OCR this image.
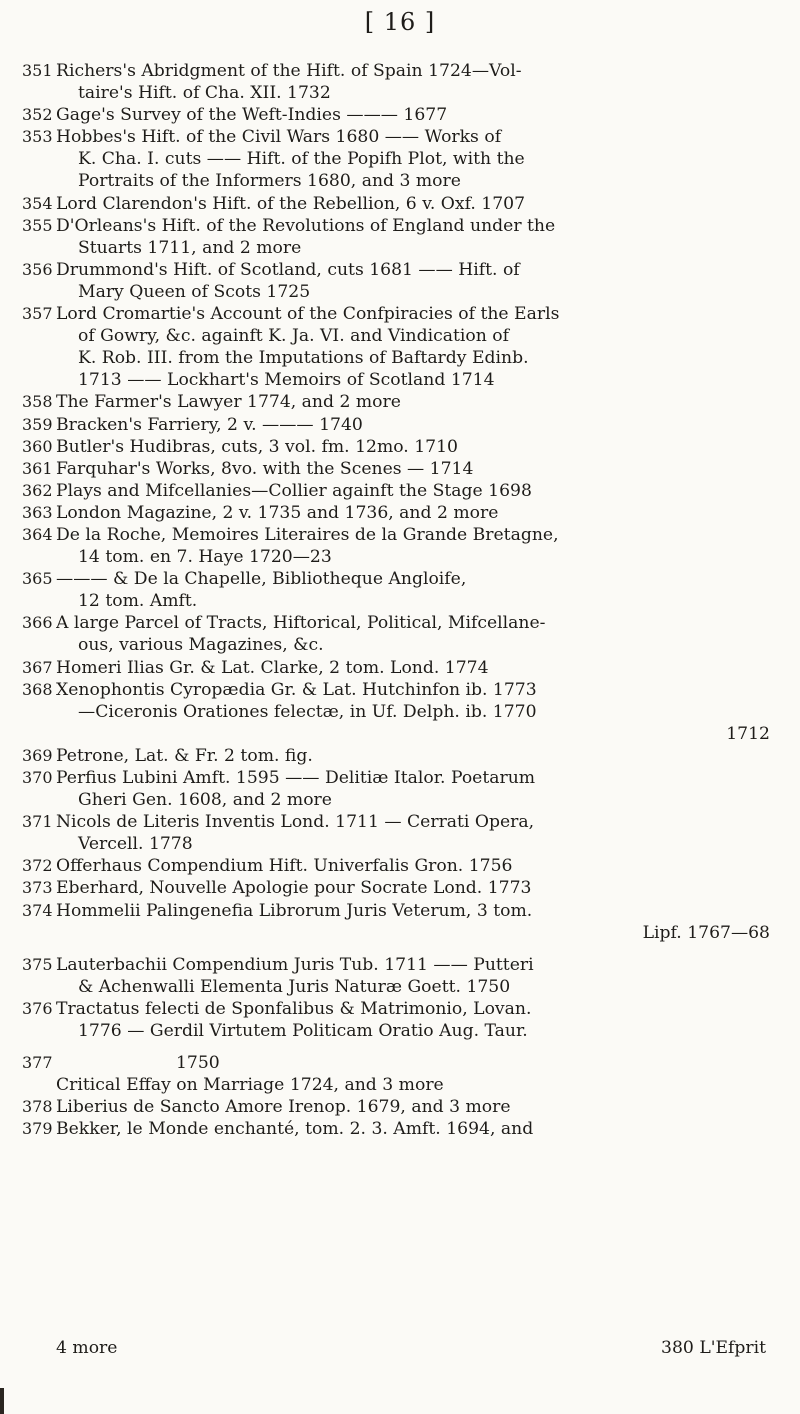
[ 16 ]
351 Richers's Abridgment of the Hift. of Spain 1724—Vol-
taire's Hift. of Cha. XII. 1732
352 Gage's Survey of the Weft-Indies ——— 1677
353 Hobbes's Hift. of the Civil Wars 1680 —— Works of
K. Cha. I. cuts —— Hift. of the Popifh Plot, with the
Portraits of the Informers 1680, and 3 more
354 Lord Clarendon's Hift. of the Rebellion, 6 v. Oxf. 1707
355 D'Orleans's Hift. of the Revolutions of England under the
Stuarts 1711, and 2 more
356 Drummond's Hift. of Scotland, cuts 1681 —— Hift. of
Mary Queen of Scots 1725
357 Lord Cromartie's Account of the Confpiracies of the Earls
of Gowry, &c. againft K. Ja. VI. and Vindication of
K. Rob. III. from the Imputations of Baftardy Edinb.
1713 —— Lockhart's Memoirs of Scotland 1714
358 The Farmer's Lawyer 1774, and 2 more
359 Bracken's Farriery, 2 v. ——— 1740
360 Butler's Hudibras, cuts, 3 vol. fm. 12mo. 1710
361 Farquhar's Works, 8vo. with the Scenes — 1714
362 Plays and Mifcellanies—Collier againft the Stage 1698
363 London Magazine, 2 v. 1735 and 1736, and 2 more
364 De la Roche, Memoires Literaires de la Grande Bretagne,
14 tom. en 7. Haye 1720—23
365 ——— & De la Chapelle, Bibliotheque Angloife,
12 tom. Amft.
366 A large Parcel of Tracts, Hiftorical, Political, Mifcellane-
ous, various Magazines, &c.
367 Homeri Ilias Gr. & Lat. Clarke, 2 tom. Lond. 1774
368 Xenophontis Cyropædia Gr. & Lat. Hutchinfon ib. 1773
—Ciceronis Orationes felectæ, in Uf. Delph. ib. 1770
1712
369 Petrone, Lat. & Fr. 2 tom. fig.
370 Perfius Lubini Amft. 1595 —— Delitiæ Italor. Poetarum
Gheri Gen. 1608, and 2 more
371 Nicols de Literis Inventis Lond. 1711 — Cerrati Opera,
Vercell. 1778
372 Offerhaus Compendium Hift. Univerfalis Gron. 1756
373 Eberhard, Nouvelle Apologie pour Socrate Lond. 1773
374 Hommelii Palingenefia Librorum Juris Veterum, 3 tom.
Lipf. 1767—68
375 Lauterbachii Compendium Juris Tub. 1711 —— Putteri
& Achenwalli Elementa Juris Naturæ Goett. 1750
376 Tractatus felecti de Sponfalibus & Matrimonio, Lovan.
1776 — Gerdil Virtutem Politicam Oratio Aug. Taur.
377	1750
Critical Effay on Marriage 1724, and 3 more
378 Liberius de Sancto Amore Irenop. 1679, and 3 more
379 Bekker, le Monde enchanté, tom. 2. 3. Amft. 1694, and
4 more	380 L'Efprit
